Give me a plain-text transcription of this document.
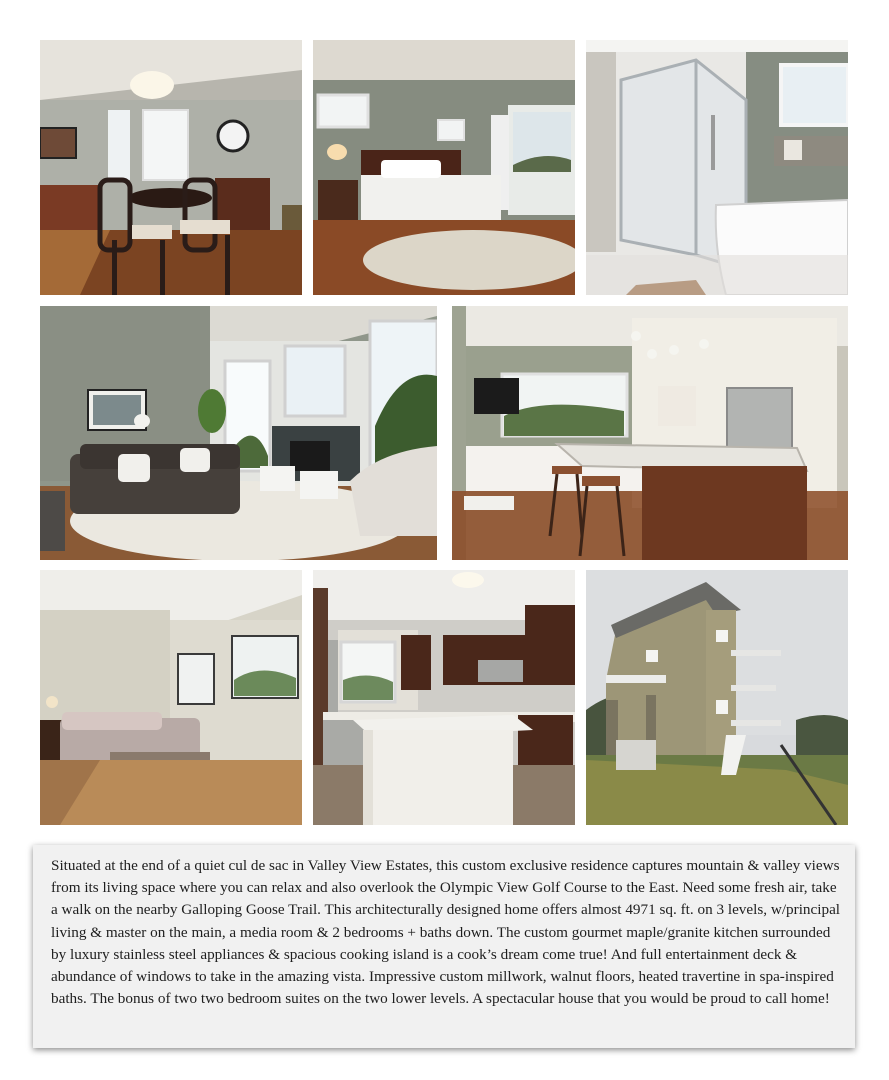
Situated at the end of a quiet cul de sac in Valley View Estates, this custom exclusive residence captures mountain & valley views from its living space where you can relax and also overlook the Olympic View Golf Course to the East. Need some fresh air, take a walk on the nearby Galloping Goose Trail. This architecturally designed home offers almost 4971 sq. ft. on 3 levels, w/principal living & master on the main, a media room & 2 bedrooms + baths down. The custom gourmet maple/granite kitchen surrounded by luxury stainless steel appliances & spacious cooking island is a cook’s dream come true! And full entertainment deck & abundance of windows to take in the amazing vista. Impressive custom millwork, walnut floors, heated travertine in spa-inspired baths. The bonus of two two bedroom suites on the two lower levels. A spectacular house that you would be proud to call home!
